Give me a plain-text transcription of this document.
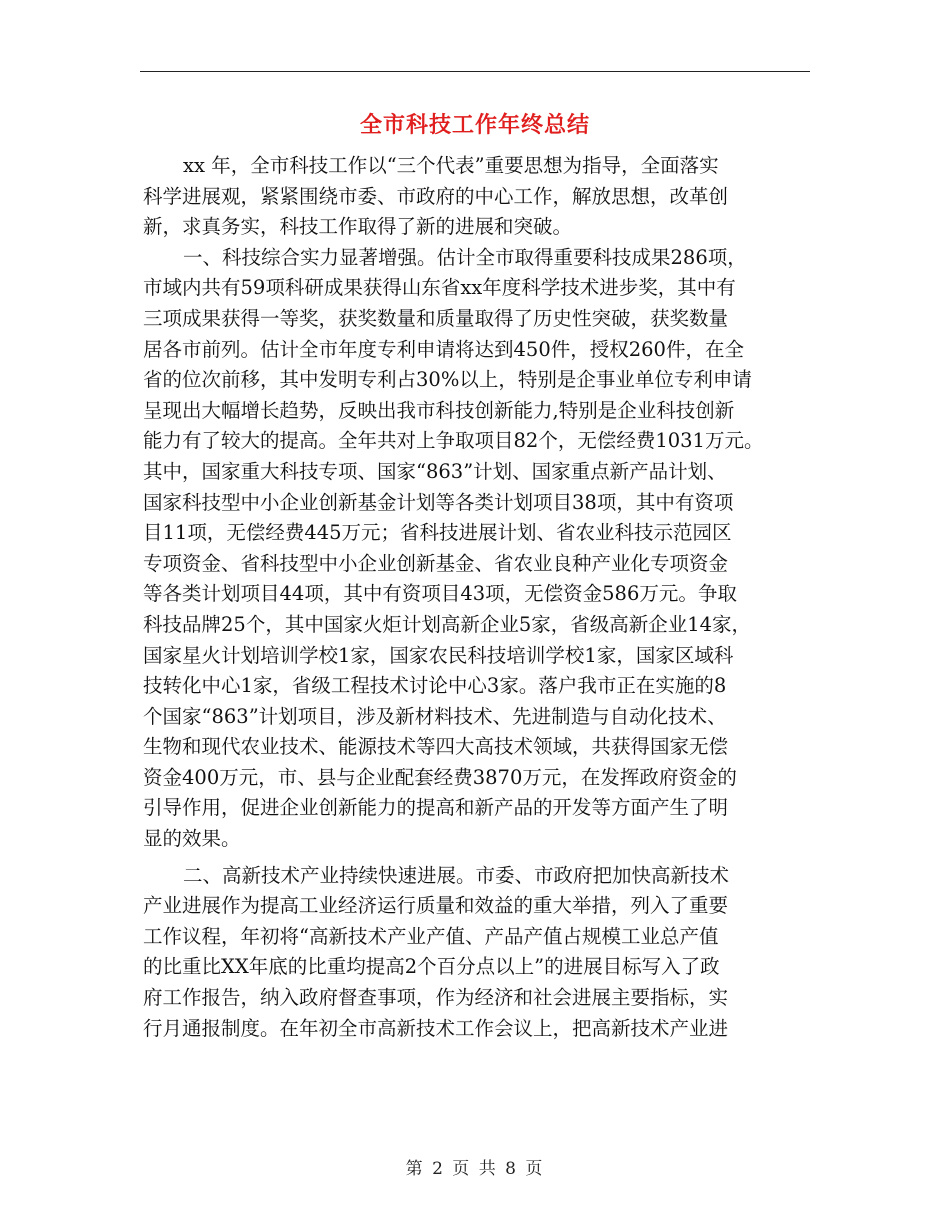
全市科技工作年终总结
xx 年，全市科技工作以“三个代表”重要思想为指导，全面落实
科学进展观，紧紧围绕市委、市政府的中心工作，解放思想，改革创
新，求真务实，科技工作取得了新的进展和突破。
一、科技综合实力显著增强。估计全市取得重要科技成果286项，
市域内共有59项科研成果获得山东省xx年度科学技术进步奖，其中有
三项成果获得一等奖，获奖数量和质量取得了历史性突破，获奖数量
居各市前列。估计全市年度专利申请将达到450件，授权260件，在全
省的位次前移，其中发明专利占30%以上，特别是企事业单位专利申请
呈现出大幅增长趋势，反映出我市科技创新能力,特别是企业科技创新
能力有了较大的提高。全年共对上争取项目82个，无偿经费1031万元。
其中，国家重大科技专项、国家“863”计划、国家重点新产品计划、
国家科技型中小企业创新基金计划等各类计划项目38项，其中有资项
目11项，无偿经费445万元；省科技进展计划、省农业科技示范园区
专项资金、省科技型中小企业创新基金、省农业良种产业化专项资金
等各类计划项目44项，其中有资项目43项，无偿资金586万元。争取
科技品牌25个，其中国家火炬计划高新企业5家，省级高新企业14家，
国家星火计划培训学校1家，国家农民科技培训学校1家，国家区域科
技转化中心1家，省级工程技术讨论中心3家。落户我市正在实施的8
个国家“863”计划项目，涉及新材料技术、先进制造与自动化技术、
生物和现代农业技术、能源技术等四大高技术领域，共获得国家无偿
资金400万元，市、县与企业配套经费3870万元，在发挥政府资金的
引导作用，促进企业创新能力的提高和新产品的开发等方面产生了明
显的效果。
二、高新技术产业持续快速进展。市委、市政府把加快高新技术
产业进展作为提高工业经济运行质量和效益的重大举措，列入了重要
工作议程，年初将“高新技术产业产值、产品产值占规模工业总产值
的比重比XX年底的比重均提高2个百分点以上”的进展目标写入了政
府工作报告，纳入政府督查事项，作为经济和社会进展主要指标，实
行月通报制度。在年初全市高新技术工作会议上，把高新技术产业进
第 2 页 共 8 页
